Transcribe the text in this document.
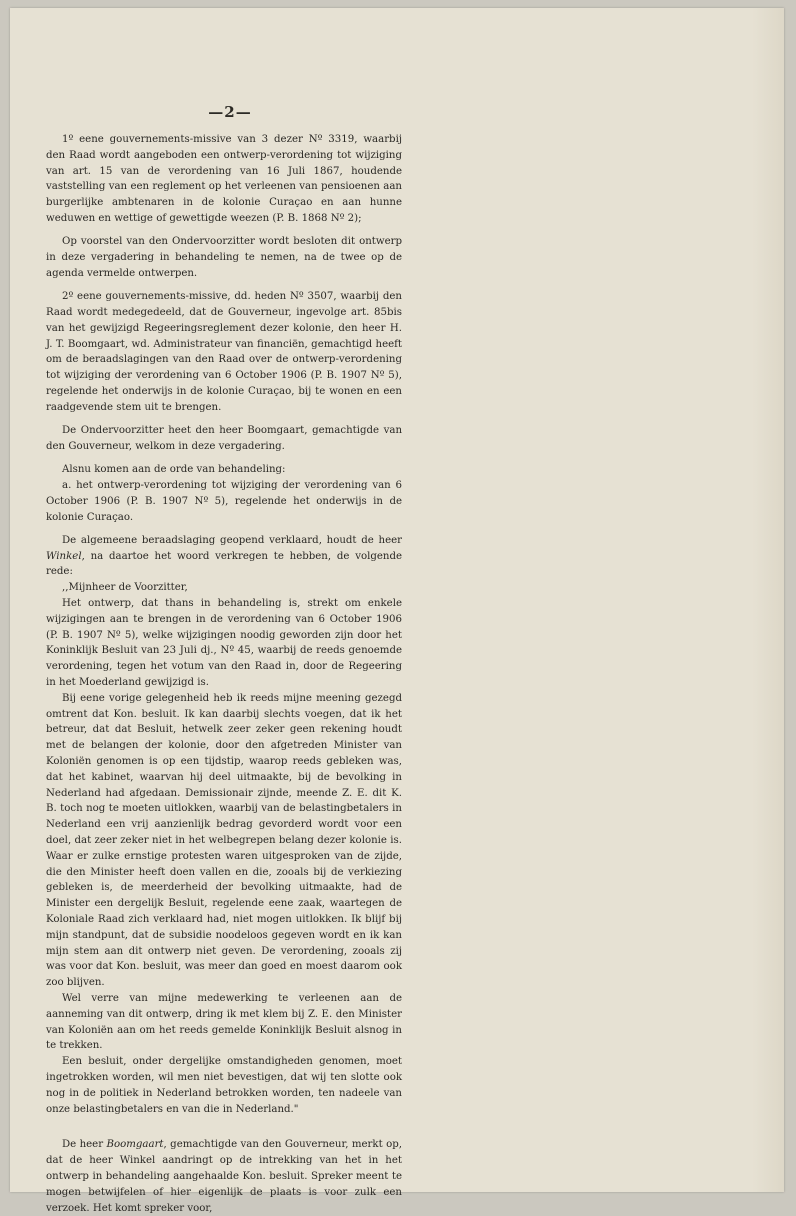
—2—

1º eene gouvernements-missive van 3 dezer Nº 3319, waarbij den Raad wordt aangeboden een ontwerp-verordening tot wijziging van art. 15 van de verordening van 16 Juli 1867, houdende vaststelling van een reglement op het verleenen van pensioenen aan burgerlijke ambtenaren in de kolonie Curaçao en aan hunne weduwen en wettige of gewettigde weezen (P. B. 1868 Nº 2);

Op voorstel van den Ondervoorzitter wordt besloten dit ontwerp in deze vergadering in behandeling te nemen, na de twee op de agenda vermelde ontwerpen.

2º eene gouvernements-missive, dd. heden Nº 3507, waarbij den Raad wordt medegedeeld, dat de Gouverneur, ingevolge art. 85bis van het gewijzigd Regeeringsreglement dezer kolonie, den heer H. J. T. Boomgaart, wd. Administrateur van financiën, gemachtigd heeft om de beraadslagingen van den Raad over de ontwerp-verordening tot wijziging der verordening van 6 October 1906 (P. B. 1907 Nº 5), regelende het onderwijs in de kolonie Curaçao, bij te wonen en een raadgevende stem uit te brengen.

De Ondervoorzitter heet den heer Boomgaart, gemachtigde van den Gouverneur, welkom in deze vergadering.

Alsnu komen aan de orde van behandeling:

a. het ontwerp-verordening tot wijziging der verordening van 6 October 1906 (P. B. 1907 Nº 5), regelende het onderwijs in de kolonie Curaçao.

De algemeene beraadslaging geopend verklaard, houdt de heer Winkel, na daartoe het woord verkregen te hebben, de volgende rede:

,,Mijnheer de Voorzitter,

Het ontwerp, dat thans in behandeling is, strekt om enkele wijzigingen aan te brengen in de verordening van 6 October 1906 (P. B. 1907 Nº 5), welke wijzigingen noodig geworden zijn door het Koninklijk Besluit van 23 Juli dj., Nº 45, waarbij de reeds genoemde verordening, tegen het votum van den Raad in, door de Regeering in het Moederland gewijzigd is.

Bij eene vorige gelegenheid heb ik reeds mijne meening gezegd omtrent dat Kon. besluit. Ik kan daarbij slechts voegen, dat ik het betreur, dat dat Besluit, hetwelk zeer zeker geen rekening houdt met de belangen der kolonie, door den afgetreden Minister van Koloniën genomen is op een tijdstip, waarop reeds gebleken was, dat het kabinet, waarvan hij deel uitmaakte, bij de bevolking in Nederland had afgedaan. Demissionair zijnde, meende Z. E. dit K. B. toch nog te moeten uitlokken, waarbij van de belastingbetalers in Nederland een vrij aanzienlijk bedrag gevorderd wordt voor een doel, dat zeer zeker niet in het welbegrepen belang dezer kolonie is. Waar er zulke ernstige protesten waren uitgesproken van de zijde, die den Minister heeft doen vallen en die, zooals bij de verkiezing gebleken is, de meerderheid der bevolking uitmaakte, had de Minister een dergelijk Besluit, regelende eene zaak, waartegen de Koloniale Raad zich verklaard had, niet mogen uitlokken. Ik blijf bij mijn standpunt, dat de subsidie noodeloos gegeven wordt en ik kan mijn stem aan dit ontwerp niet geven. De verordening, zooals zij was voor dat Kon. besluit, was meer dan goed en moest daarom ook zoo blijven.

Wel verre van mijne medewerking te verleenen aan de aanneming van dit ontwerp, dring ik met klem bij Z. E. den Minister van Koloniën aan om het reeds gemelde Koninklijk Besluit alsnog in te trekken.

Een besluit, onder dergelijke omstandigheden genomen, moet ingetrokken worden, wil men niet bevestigen, dat wij ten slotte ook nog in de politiek in Nederland betrokken worden, ten nadeele van onze belastingbetalers en van die in Nederland."

De heer Boomgaart, gemachtigde van den Gouverneur, merkt op, dat de heer Winkel aandringt op de intrekking van het in het ontwerp in behandeling aangehaalde Kon. besluit. Spreker meent te mogen betwijfelen of hier eigenlijk de plaats is voor zulk een verzoek. Het komt spreker voor,
